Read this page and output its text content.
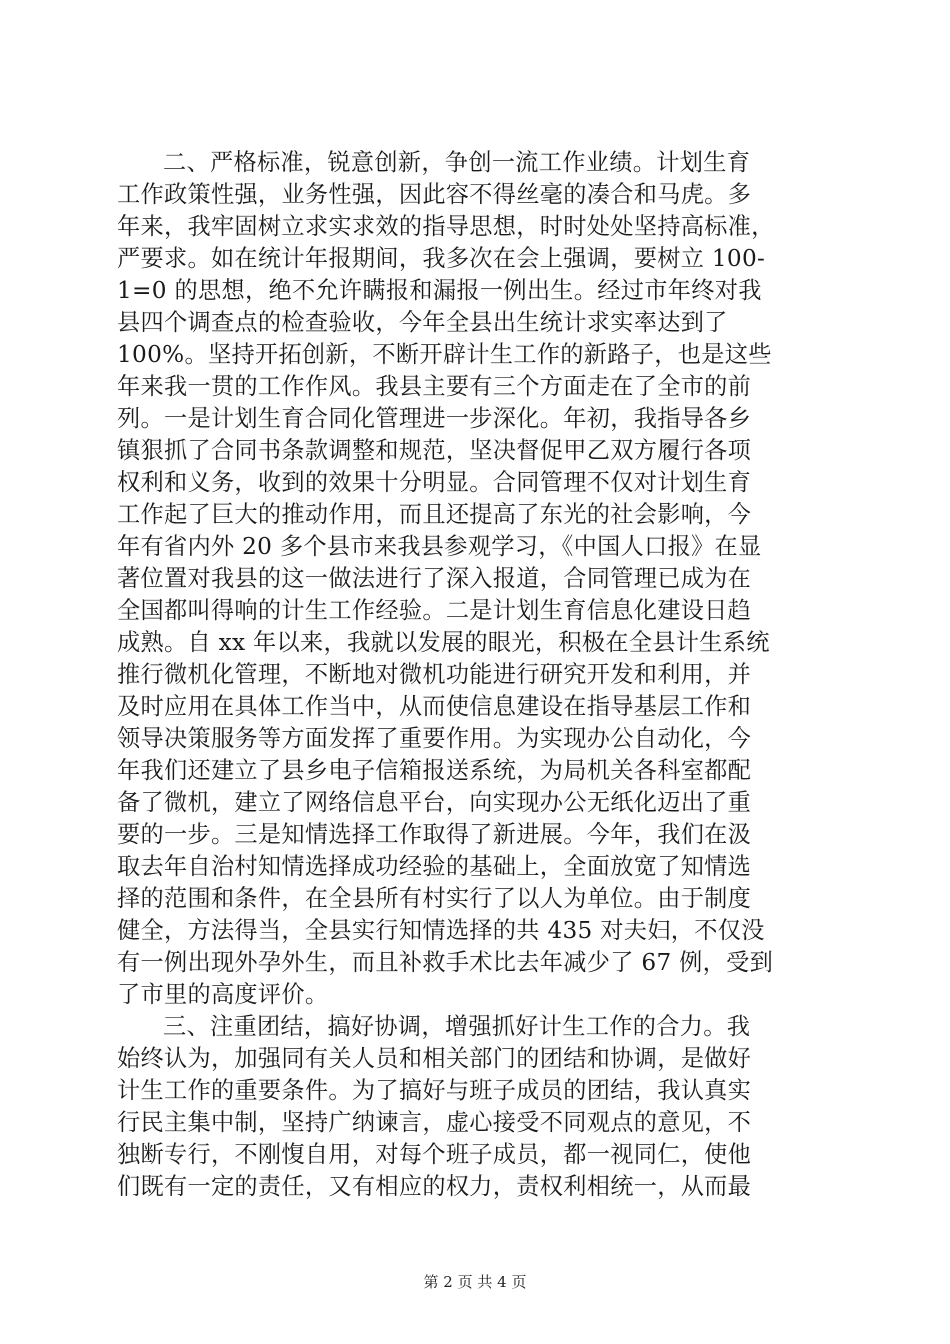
二、严格标准，锐意创新，争创一流工作业绩。计划生育
工作政策性强，业务性强，因此容不得丝毫的凑合和马虎。多
年来，我牢固树立求实求效的指导思想，时时处处坚持高标准，
严要求。如在统计年报期间，我多次在会上强调，要树立 100-
1=0 的思想，绝不允许瞒报和漏报一例出生。经过市年终对我
县四个调查点的检查验收，今年全县出生统计求实率达到了
100%。坚持开拓创新，不断开辟计生工作的新路子，也是这些
年来我一贯的工作作风。我县主要有三个方面走在了全市的前
列。一是计划生育合同化管理进一步深化。年初，我指导各乡
镇狠抓了合同书条款调整和规范，坚决督促甲乙双方履行各项
权利和义务，收到的效果十分明显。合同管理不仅对计划生育
工作起了巨大的推动作用，而且还提高了东光的社会影响，今
年有省内外 20 多个县市来我县参观学习，《中国人口报》在显
著位置对我县的这一做法进行了深入报道，合同管理已成为在
全国都叫得响的计生工作经验。二是计划生育信息化建设日趋
成熟。自 xx 年以来，我就以发展的眼光，积极在全县计生系统
推行微机化管理，不断地对微机功能进行研究开发和利用，并
及时应用在具体工作当中，从而使信息建设在指导基层工作和
领导决策服务等方面发挥了重要作用。为实现办公自动化，今
年我们还建立了县乡电子信箱报送系统，为局机关各科室都配
备了微机，建立了网络信息平台，向实现办公无纸化迈出了重
要的一步。三是知情选择工作取得了新进展。今年，我们在汲
取去年自治村知情选择成功经验的基础上，全面放宽了知情选
择的范围和条件，在全县所有村实行了以人为单位。由于制度
健全，方法得当，全县实行知情选择的共 435 对夫妇，不仅没
有一例出现外孕外生，而且补救手术比去年减少了 67 例，受到
了市里的高度评价。
三、注重团结，搞好协调，增强抓好计生工作的合力。我
始终认为，加强同有关人员和相关部门的团结和协调，是做好
计生工作的重要条件。为了搞好与班子成员的团结，我认真实
行民主集中制，坚持广纳谏言，虚心接受不同观点的意见，不
独断专行，不刚愎自用，对每个班子成员，都一视同仁，使他
们既有一定的责任，又有相应的权力，责权利相统一，从而最
第 2 页 共 4 页
